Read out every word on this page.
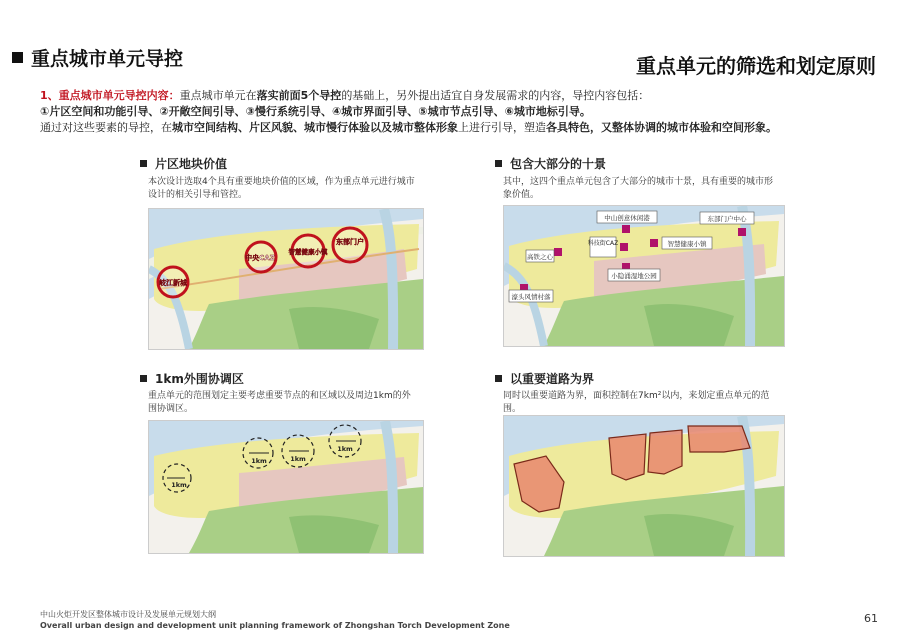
重点城市单元导控	重点单元的筛选和划定原则
1、重点城市单元导控内容：重点城市单元在落实前面5个导控的基础上，另外提出适宜自身发展需求的内容，导控内容包括：
①片区空间和功能引导、②开敞空间引导、③慢行系统引导、④城市界面引导、⑤城市节点引导、⑥城市地标引导。
通过对这些要素的导控，在城市空间结构、片区风貌、城市慢行体验以及城市整体形象上进行引导，塑造各具特色，又整体协调的城市体验和空间形象。
片区地块价值
本次设计选取4个具有重要地块价值的区域，作为重点单元进行城市设计的相关引导和管控。
中央CAZ
智慧健康小镇
东部门户
岐江新城
包含大部分的十景
其中，这四个重点单元包含了大部分的城市十景，具有重要的城市形象价值。
中山创意休闲港	东部门户中心
科技街CAZ	智慧健康小镇
高铁之心
小隐涌湿地公园
濠头风情村落
1km外围协调区
重点单元的范围划定主要考虑重要节点的和区域以及周边1km的外围协调区。
1km
1km	1km
1km
以重要道路为界
同时以重要道路为界，面积控制在7km²以内，来划定重点单元的范围。
中山火炬开发区整体城市设计及发展单元规划大纲
Overall urban design and development unit planning framework of Zhongshan Torch Development Zone
61
